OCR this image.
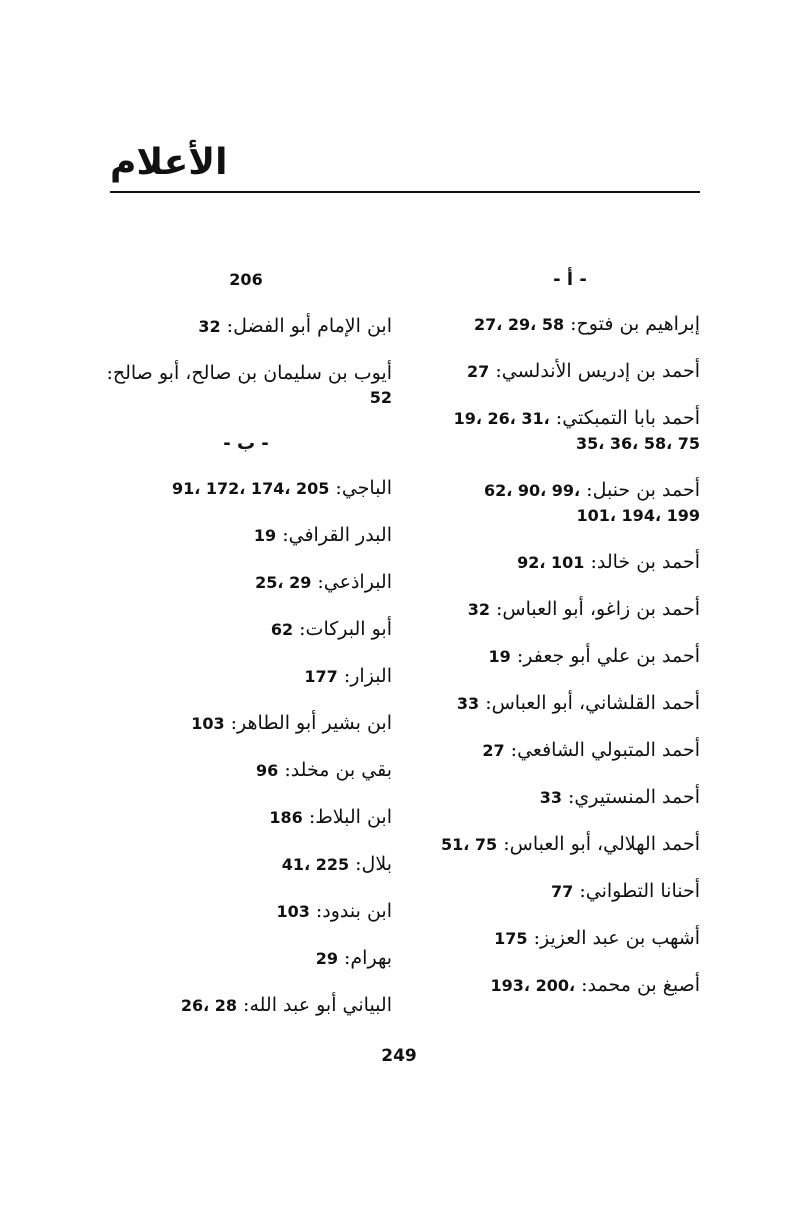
الأعلام
- أ -
إبراهيم بن فتوح: 27، 29، 58
أحمد بن إدريس الأندلسي: 27
أحمد بابا التمبكتي: 19، 26، 31، 35، 36، 58، 75
أحمد بن حنبل: 62، 90، 99، 101، 194، 199
أحمد بن خالد: 92، 101
أحمد بن زاغو، أبو العباس: 32
أحمد بن علي أبو جعفر: 19
أحمد القلشاني، أبو العباس: 33
أحمد المتبولي الشافعي: 27
أحمد المنستيري: 33
أحمد الهلالي، أبو العباس: 51، 75
أحنانا التطواني: 77
أشهب بن عبد العزيز: 175
أصبغ بن محمد: 193، 200،
206
ابن الإمام أبو الفضل: 32
أيوب بن سليمان بن صالح، أبو صالح: 52
- ب -
الباجي: 91، 172، 174، 205
البدر القرافي: 19
البراذعي: 25، 29
أبو البركات: 62
البزار: 177
ابن بشير أبو الطاهر: 103
بقي بن مخلد: 96
ابن البلاط: 186
بلال: 41، 225
ابن بندود: 103
بهرام: 29
البياني أبو عبد الله: 26، 28
249
